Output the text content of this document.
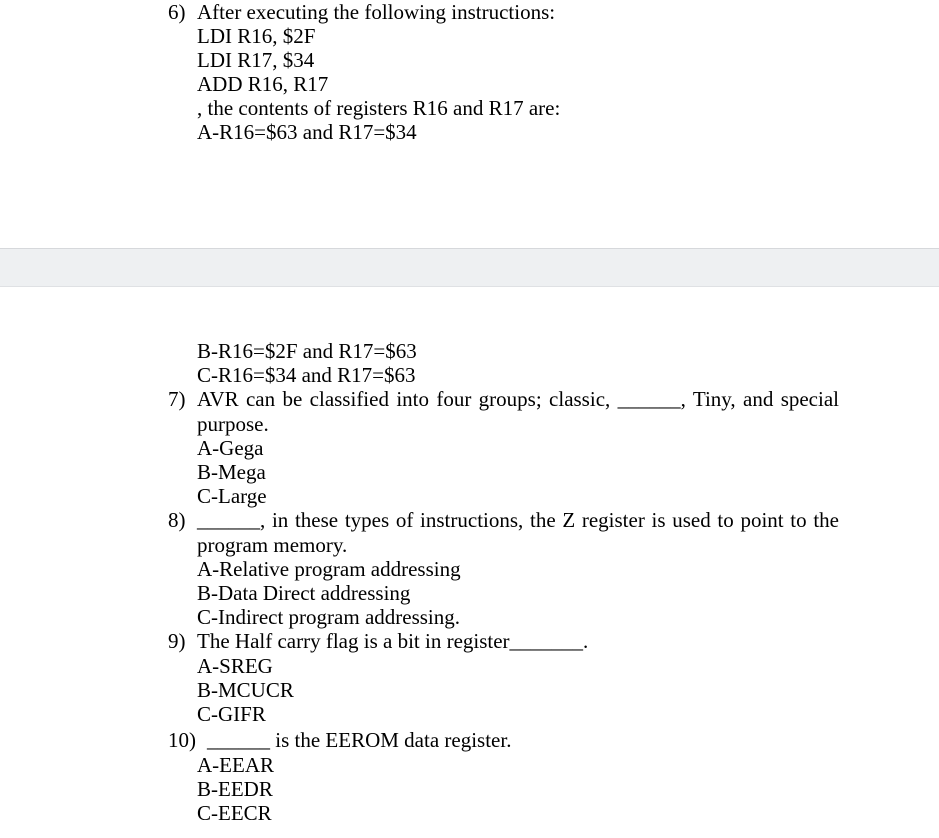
6) After executing the following instructions:
LDI R16, $2F
LDI R17, $34
ADD R16, R17
, the contents of registers R16 and R17 are:
A-R16=$63 and R17=$34
B-R16=$2F and R17=$63
C-R16=$34 and R17=$63
7) AVR can be classified into four groups; classic, ______, Tiny, and special
purpose.
A-Gega
B-Mega
C-Large
8) ______, in these types of instructions, the Z register is used to point to the
program memory.
A-Relative program addressing
B-Data Direct addressing
C-Indirect program addressing.
9) The Half carry flag is a bit in register_______.
A-SREG
B-MCUCR
C-GIFR
10) ______ is the EEROM data register.
A-EEAR
B-EEDR
C-EECR
